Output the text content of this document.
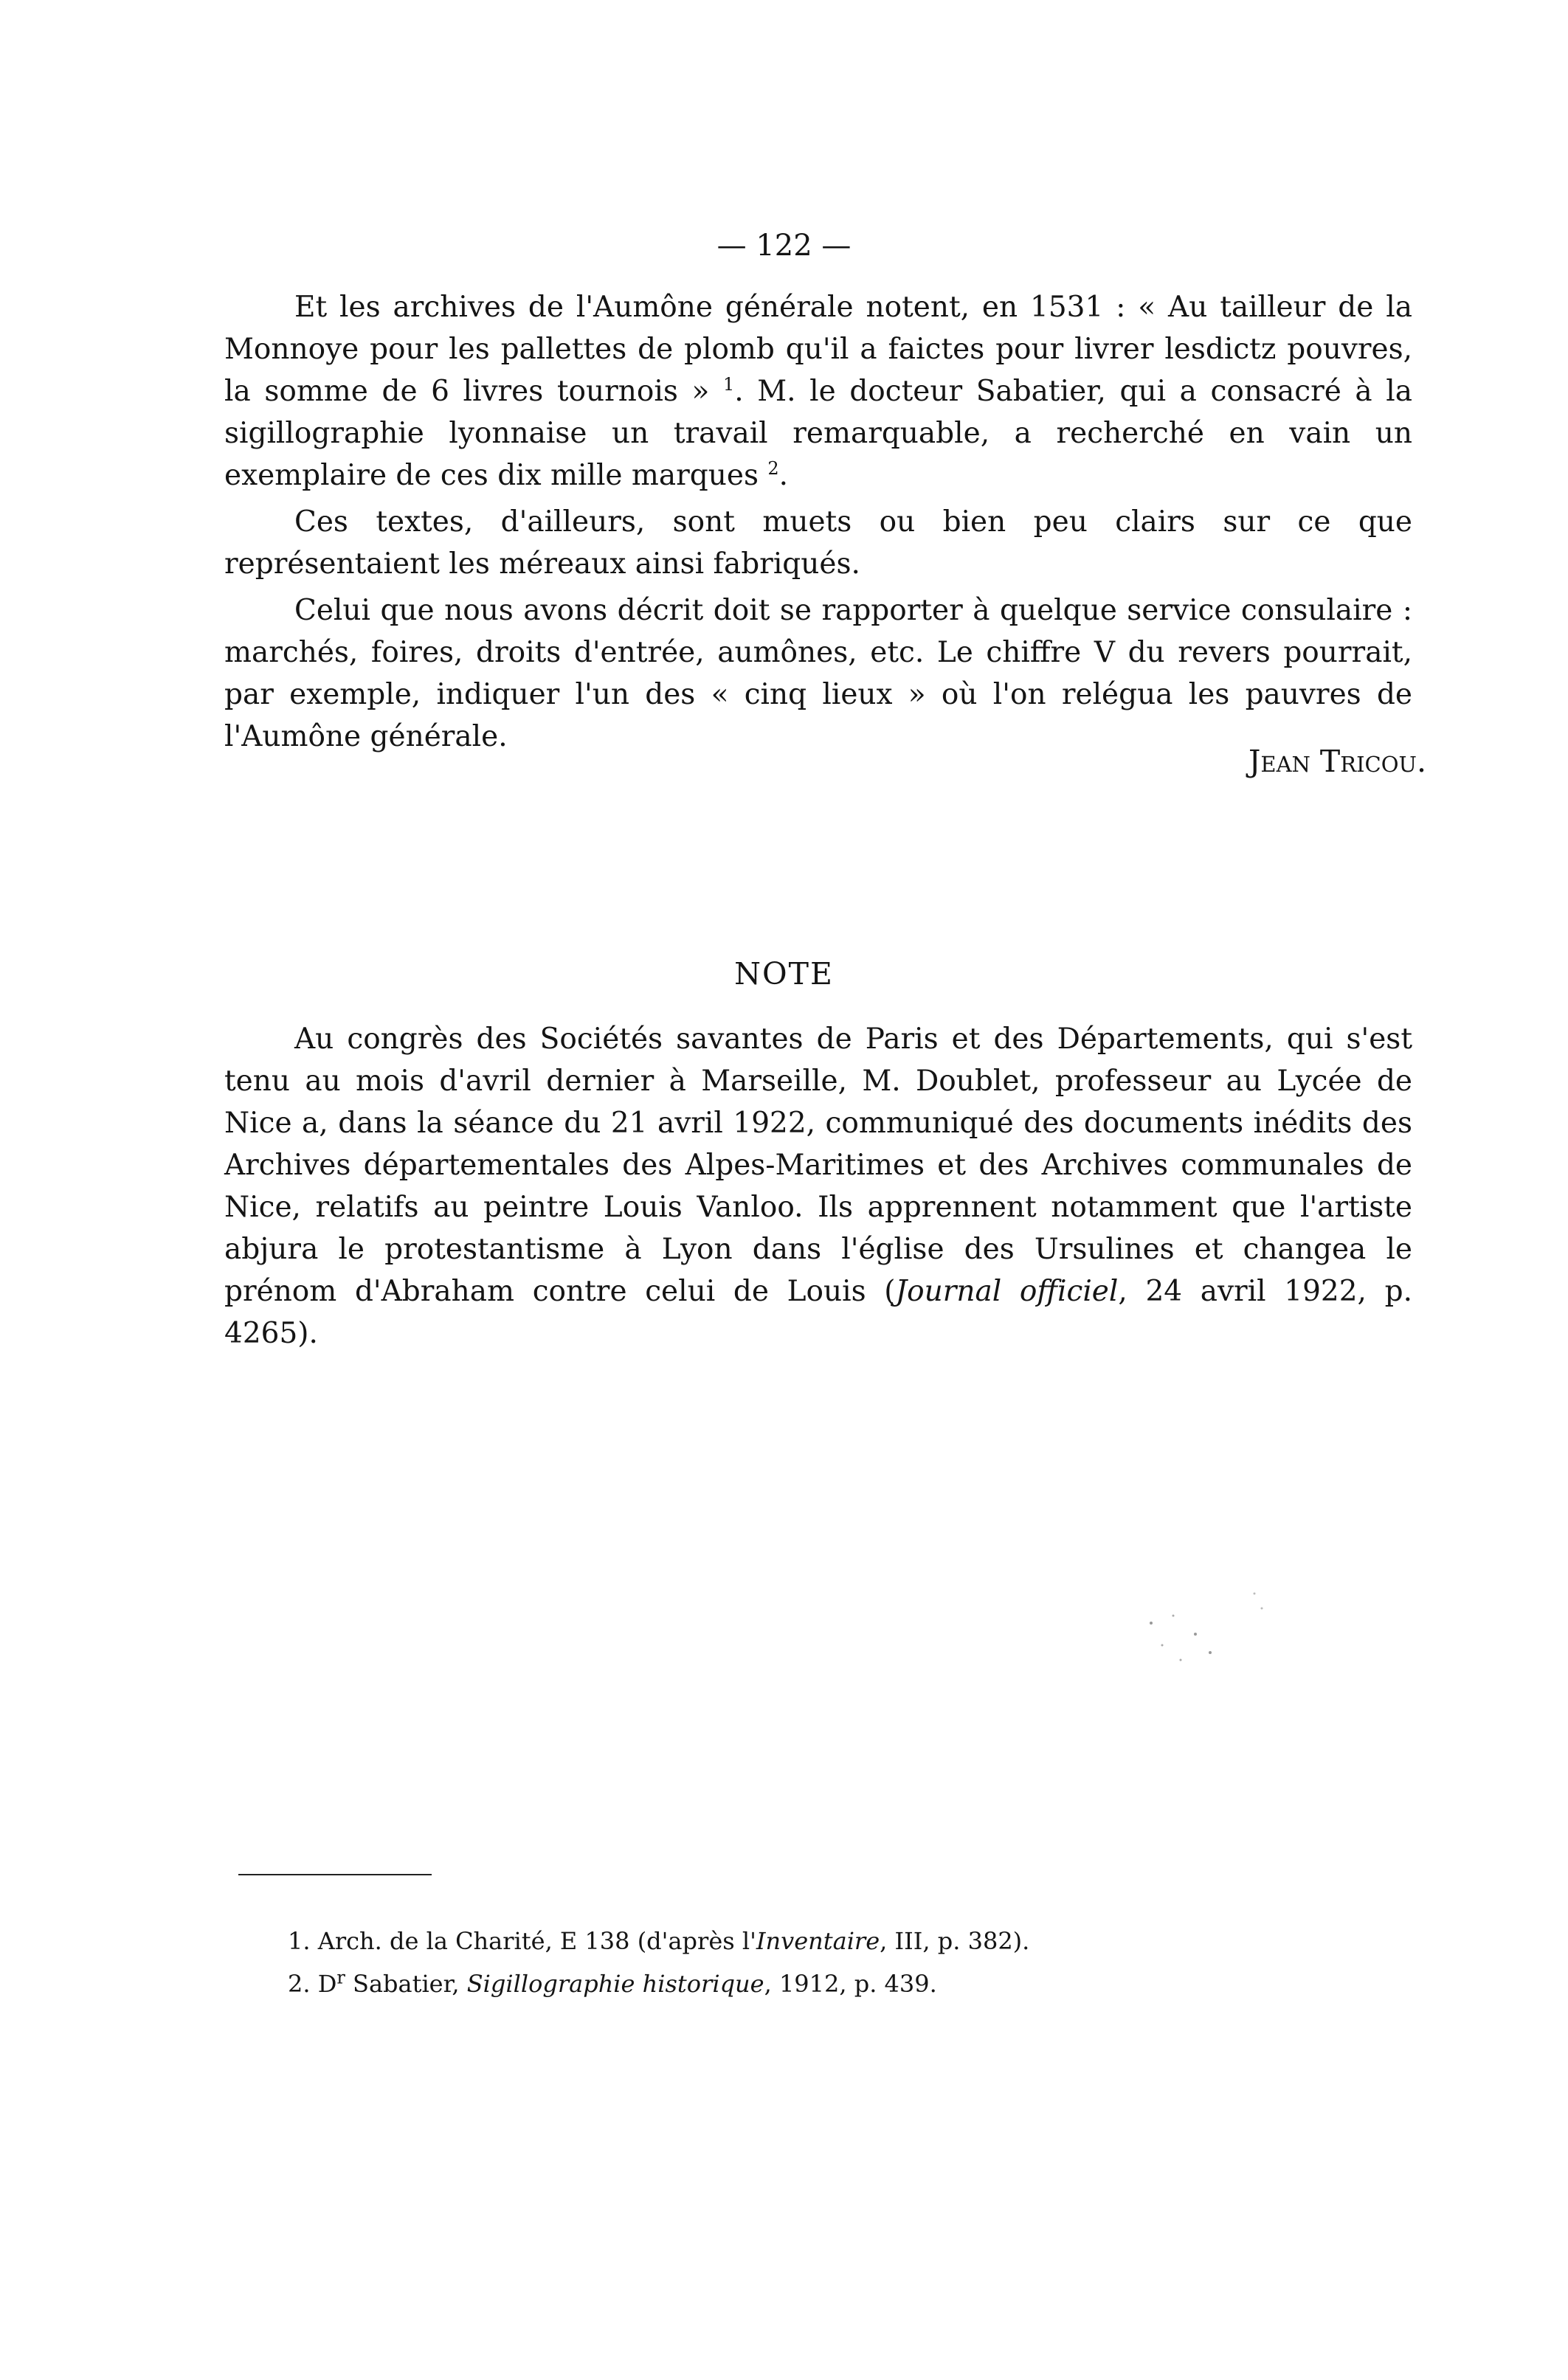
— 122 —

Et les archives de l'Aumône générale notent, en 1531 : « Au tailleur de la Monnoye pour les pallettes de plomb qu'il a faictes pour livrer lesdictz pouvres, la somme de 6 livres tournois » $^1$. M. le docteur Sabatier, qui a consacré à la sigillographie lyonnaise un travail remarquable, a recherché en vain un exemplaire de ces dix mille marques $^2$.

Ces textes, d'ailleurs, sont muets ou bien peu clairs sur ce que représentaient les méreaux ainsi fabriqués.

Celui que nous avons décrit doit se rapporter à quelque service consulaire : marchés, foires, droits d'entrée, aumônes, etc. Le chiffre V du revers pourrait, par exemple, indiquer l'un des « cinq lieux » où l'on relégua les pauvres de l'Aumône générale.

Jean Tricou.
NOTE

Au congrès des Sociétés savantes de Paris et des Départements, qui s'est tenu au mois d'avril dernier à Marseille, M. Doublet, professeur au Lycée de Nice a, dans la séance du 21 avril 1922, communiqué des documents inédits des Archives départementales des Alpes-Maritimes et des Archives communales de Nice, relatifs au peintre Louis Vanloo. Ils apprennent notamment que l'artiste abjura le protestantisme à Lyon dans l'église des Ursulines et changea le prénom d'Abraham contre celui de Louis (Journal officiel, 24 avril 1922, p. 4265).

1. Arch. de la Charité, E 138 (d'après l'Inventaire, III, p. 382).
2. $D^r$ Sabatier, Sigillographie historique, 1912, p. 439.
